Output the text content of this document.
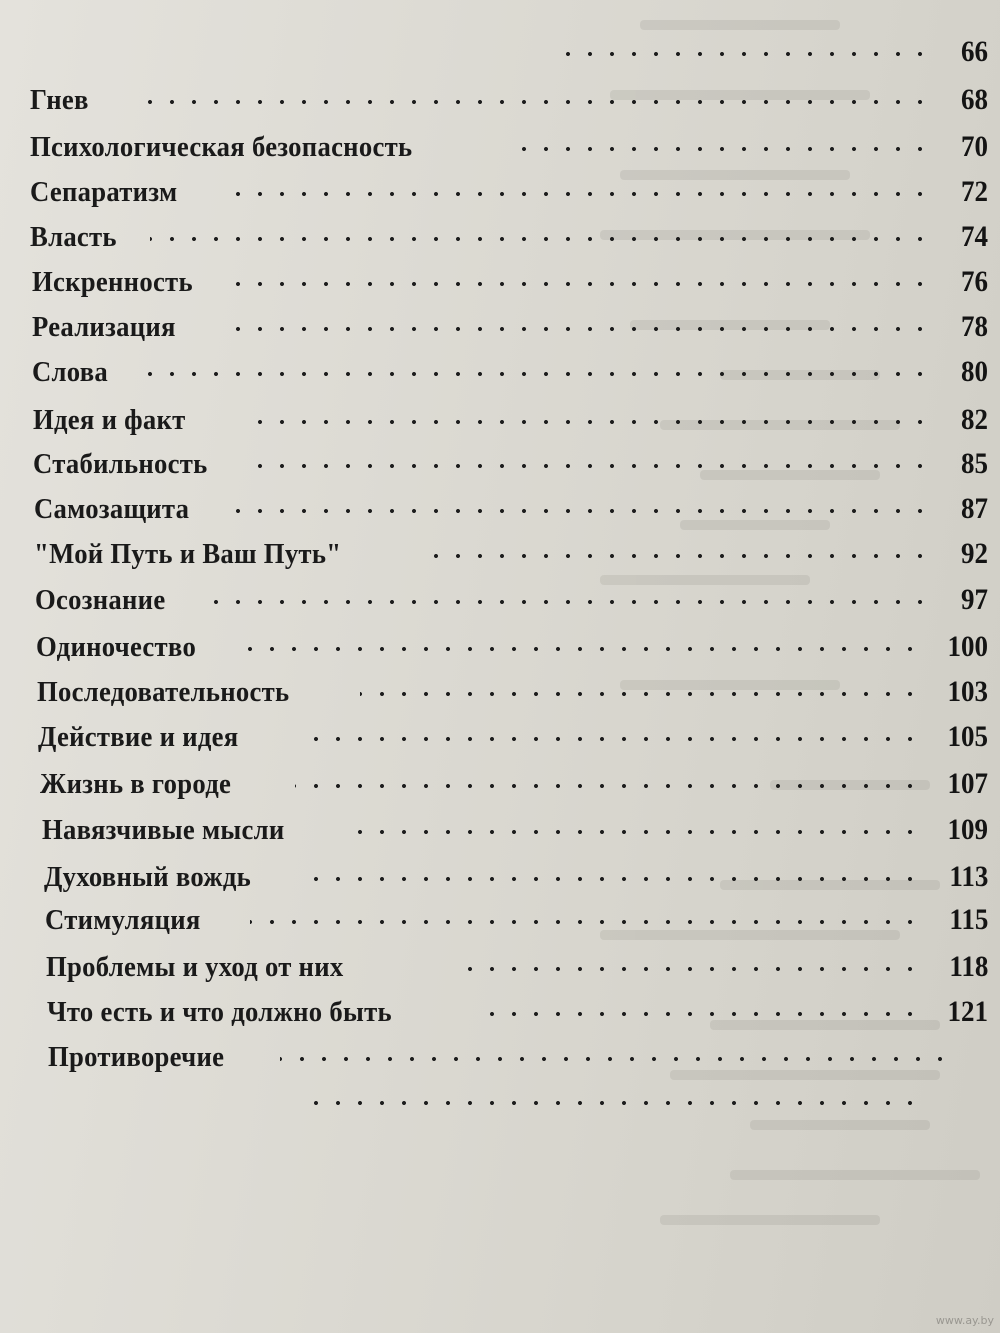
66
Гнев	68
Психологическая безопасность	70
Сепаратизм	72
Власть	74
Искренность	76
Реализация	78
Слова	80
Идея и факт	82
Стабильность	85
Самозащита	87
"Мой Путь и Ваш Путь"	92
Осознание	97
Одиночество	100
Последовательность	103
Действие и идея	105
Жизнь в городе	107
Навязчивые мысли	109
Духовный вождь	113
Стимуляция	115
Проблемы и уход от них	118
Что есть и что должно быть	121
Противоречие
www.ay.by
